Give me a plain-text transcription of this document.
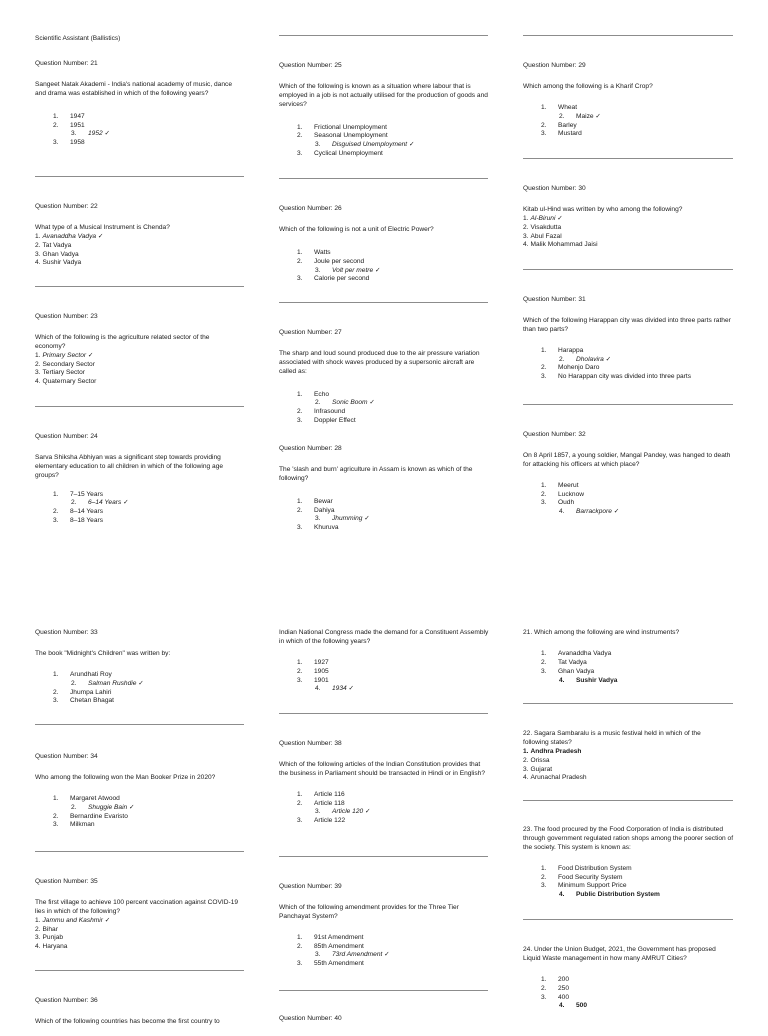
Scientific Assistant (Ballistics)
Question Number: 21
Sangeet Natak Akademi - India's national academy of music, dance and drama was established in which of the following years?
1. 1947
2. 1951
3. 1952 ✓
3. 1958
Question Number: 22
What type of a Musical Instrument is Chenda?
1. Avanaddha Vadya ✓
2. Tat Vadya
3. Ghan Vadya
4. Sushir Vadya
Question Number: 23
Which of the following is the agriculture related sector of the economy?
1. Primary Sector ✓
2. Secondary Sector
3. Tertiary Sector
4. Quaternary Sector
Question Number: 24
Sarva Shiksha Abhiyan was a significant step towards providing elementary education to all children in which of the following age groups?
1. 7–15 Years
2. 6–14 Years ✓
2. 8–14 Years
3. 8–18 Years
Question Number: 25
Which of the following is known as a situation where labour that is employed in a job is not actually utilised for the production of goods and services?
1. Frictional Unemployment
2. Seasonal Unemployment
3. Disguised Unemployment ✓
3. Cyclical Unemployment
Question Number: 26
Which of the following is not a unit of Electric Power?
1. Watts
2. Joule per second
3. Volt per metre ✓
3. Calorie per second
Question Number: 27
The sharp and loud sound produced due to the air pressure variation associated with shock waves produced by a supersonic aircraft are called as:
1. Echo
2. Sonic Boom ✓
2. Infrasound
3. Doppler Effect
Question Number: 28
The 'slash and burn' agriculture in Assam is known as which of the following?
1. Bewar
2. Dahiya
3. Jhumming ✓
3. Khuruva
Question Number: 29
Which among the following is a Kharif Crop?
1. Wheat
2. Maize ✓
2. Barley
3. Mustard
Question Number: 30
Kitab ul-Hind was written by who among the following?
1. Al-Biruni ✓
2. Visakdutta
3. Abul Fazal
4. Malik Mohammad Jaisi
Question Number: 31
Which of the following Harappan city was divided into three parts rather than two parts?
1. Harappa
2. Dholavira ✓
2. Mohenjo Daro
3. No Harappan city was divided into three parts
Question Number: 32
On 8 April 1857, a young soldier, Mangal Pandey, was hanged to death for attacking his officers at which place?
1. Meerut
2. Lucknow
3. Oudh
4. Barrackpore ✓
Question Number: 33
The book "Midnight's Children" was written by:
1. Arundhati Roy
2. Salman Rushdie ✓
2. Jhumpa Lahiri
3. Chetan Bhagat
Question Number: 34
Who among the following won the Man Booker Prize in 2020?
1. Margaret Atwood
2. Shuggie Bain ✓
2. Bernardine Evaristo
3. Milkman
Question Number: 35
The first village to achieve 100 percent vaccination against COVID-19 lies in which of the following?
1. Jammu and Kashmir ✓
2. Bihar
3. Punjab
4. Haryana
Question Number: 36
Which of the following countries has become the first country to
Indian National Congress made the demand for a Constituent Assembly in which of the following years?
1. 1927
2. 1905
3. 1901
4. 1934 ✓
Question Number: 38
Which of the following articles of the Indian Constitution provides that the business in Parliament should be transacted in Hindi or in English?
1. Article 116
2. Article 118
3. Article 120 ✓
3. Article 122
Question Number: 39
Which of the following amendment provides for the Three Tier Panchayat System?
1. 91st Amendment
2. 85th Amendment
3. 73rd Amendment ✓
3. 55th Amendment
Question Number: 40
21. Which among the following are wind instruments?
1. Avanaddha Vadya
2. Tat Vadya
3. Ghan Vadya
4. Sushir Vadya
22. Sagara Sambaralu is a music festival held in which of the following states?
1. Andhra Pradesh
2. Orissa
3. Gujarat
4. Arunachal Pradesh
23. The food procured by the Food Corporation of India is distributed through government regulated ration shops among the poorer section of the society. This system is known as:
1. Food Distribution System
2. Food Security System
3. Minimum Support Price
4. Public Distribution System
24. Under the Union Budget, 2021, the Government has proposed Liquid Waste management in how many AMRUT Cities?
1. 200
2. 250
3. 400
4. 500
